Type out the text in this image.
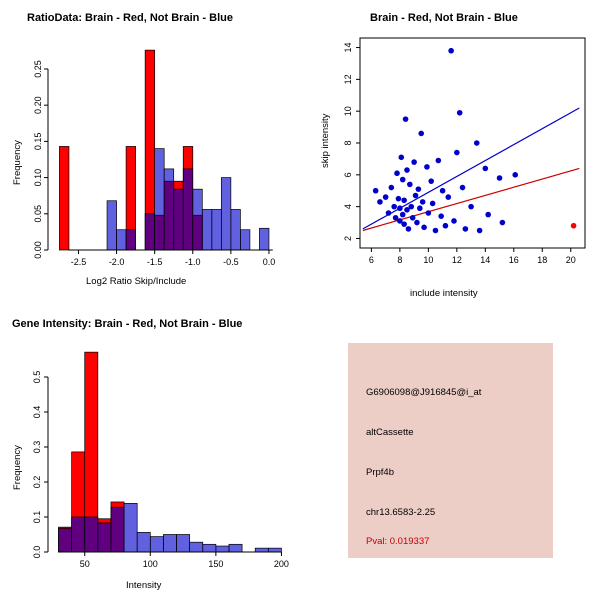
RatioData: Brain - Red, Not Brain - Blue
-2.5	-2.0	-1.5	-1.0	-0.5	0.0
0.00
0.05
0.10
0.15
0.20
0.25
Log2 Ratio Skip/Include
Frequency
Brain - Red, Not Brain - Blue
6	8 10 12 14 16 18 20
2
4
6
8
10
12
14
include intensity
skip intensity
Gene Intensity: Brain - Red, Not Brain - Blue
50	100	150	200
0.0
0.1
0.2
0.3
0.4
0.5
Intensity
Frequency
G6906098@J916845@i_at
altCassette
Prpf4b
chr13.6583-2.25
Pval: 0.019337
